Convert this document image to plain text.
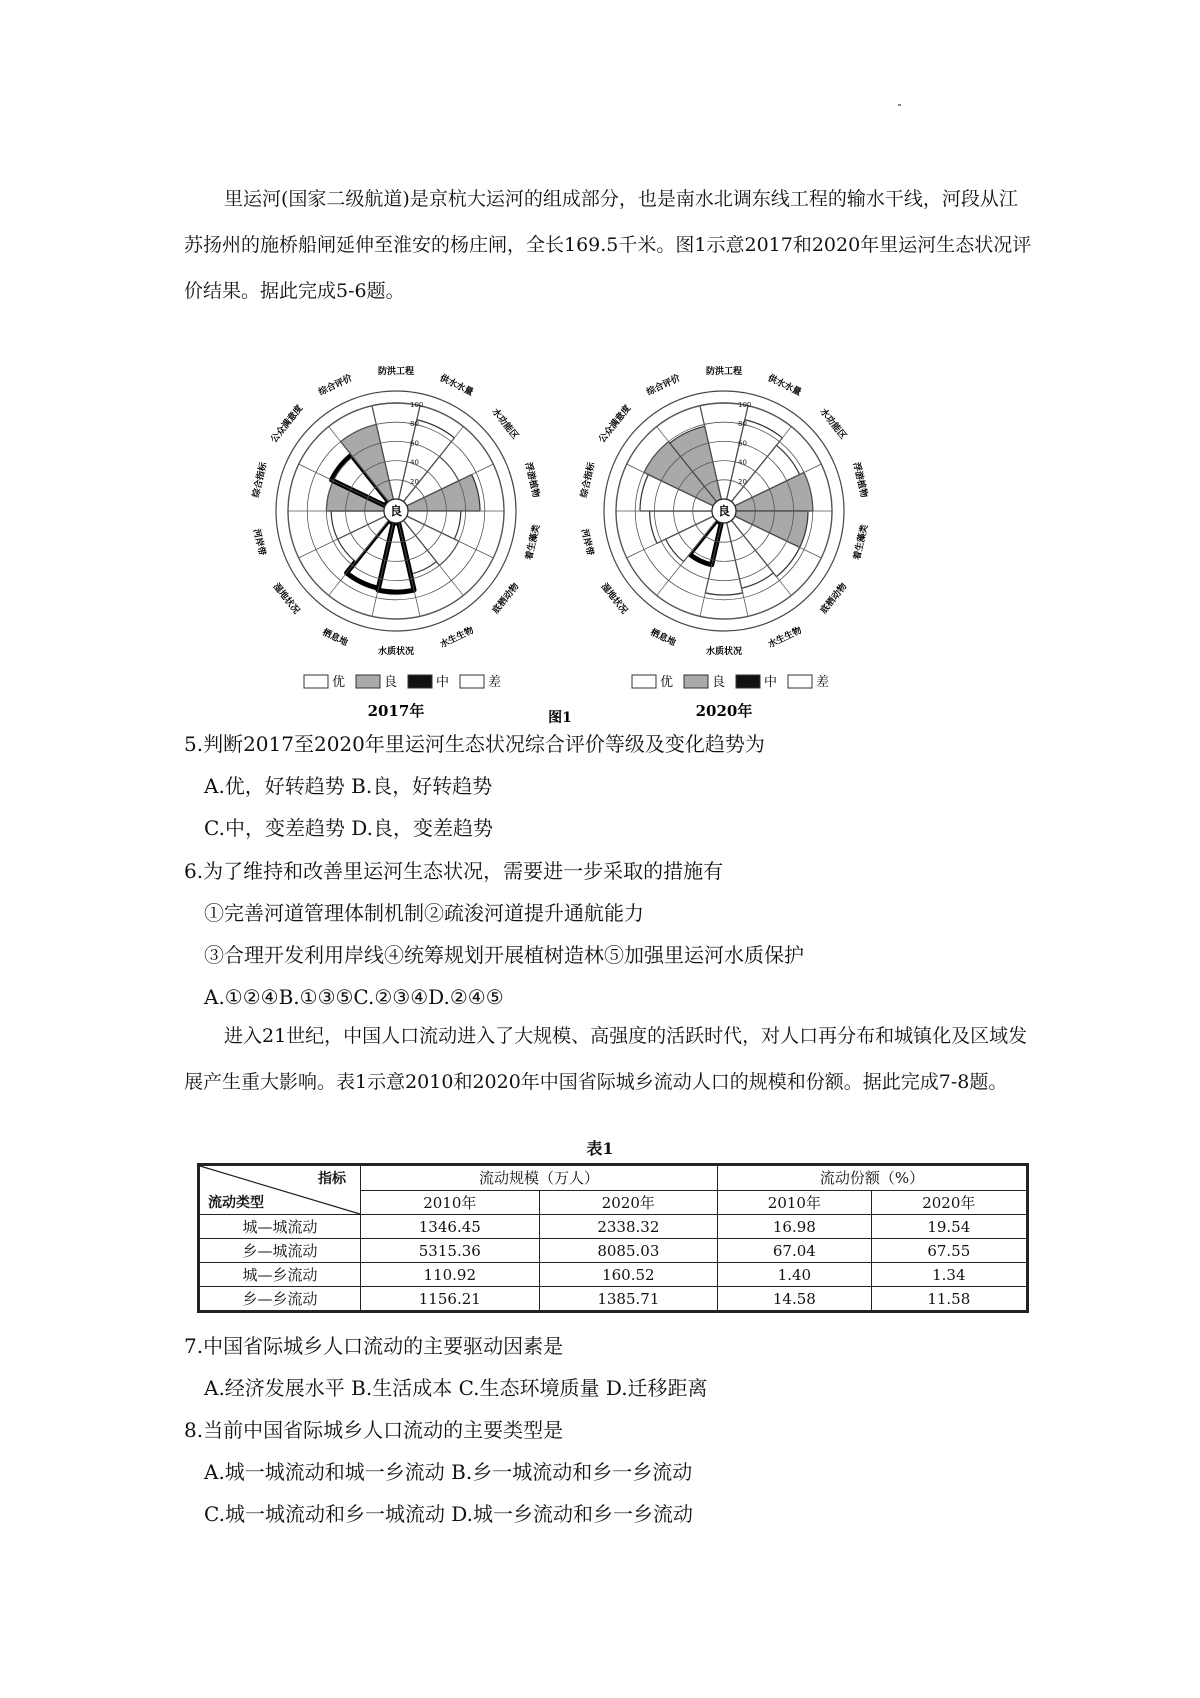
里运河(国家二级航道)是京杭大运河的组成部分，也是南水北调东线工程的输水干线，河段从江苏扬州的施桥船闸延伸至淮安的杨庄闸，全长169.5千米。图1示意2017和2020年里运河生态状况评价结果。据此完成5-6题。

20
40
60
80
100
良
防洪工程
供水水量
水功能区
浮游植物
着生藻类
底栖动物
水生生物
水质状况
栖息地
湿地状况
河岸带
综合指标
公众满意度
综合评价
优	良	中	差
2017年
20
40
60
80
100
良
防洪工程
供水水量
水功能区
浮游植物
着生藻类
底栖动物
水生生物
水质状况
栖息地
湿地状况
河岸带
综合指标
公众满意度
综合评价
优	良	中	差
2020年
图1

5.判断2017至2020年里运河生态状况综合评价等级及变化趋势为

A.优，好转趋势 B.良，好转趋势

C.中，变差趋势 D.良，变差趋势

6.为了维持和改善里运河生态状况，需要进一步采取的措施有

①完善河道管理体制机制②疏浚河道提升通航能力

③合理开发利用岸线④统筹规划开展植树造林⑤加强里运河水质保护

A.①②④B.①③⑤C.②③④D.②④⑤

进入21世纪，中国人口流动进入了大规模、高强度的活跃时代，对人口再分布和城镇化及区域发展产生重大影响。表1示意2010和2020年中国省际城乡流动人口的规模和份额。据此完成7-8题。

表1
指标
流动类型	流动规模（万人）		流动份额（%）	
	2010年	2020年	2010年	2020年
城—城流动	1346.45	2338.32	16.98	19.54
乡—城流动	5315.36	8085.03	67.04	67.55
城—乡流动	110.92	160.52	1.40	1.34
乡—乡流动	1156.21	1385.71	14.58	11.58

7.中国省际城乡人口流动的主要驱动因素是

A.经济发展水平 B.生活成本 C.生态环境质量 D.迁移距离

8.当前中国省际城乡人口流动的主要类型是

A.城一城流动和城一乡流动 B.乡一城流动和乡一乡流动

C.城一城流动和乡一城流动 D.城一乡流动和乡一乡流动
